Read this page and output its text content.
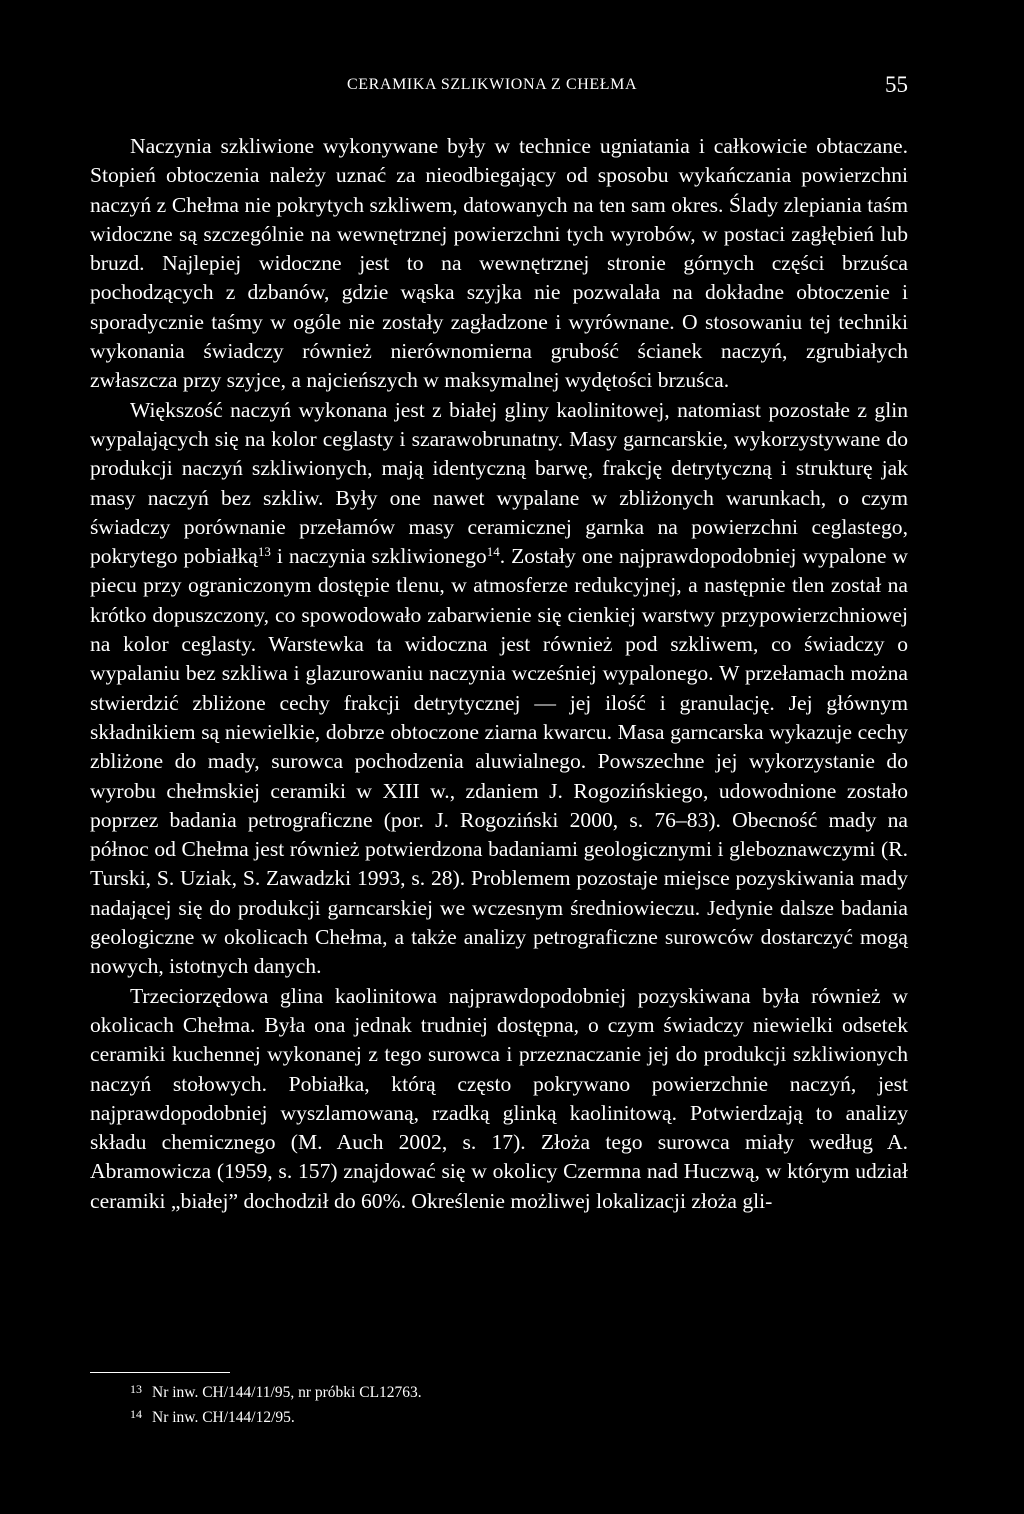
CERAMIKA SZLIKWIONA Z CHEŁMA	55

Naczynia szkliwione wykonywane były w technice ugniatania i całkowicie obtaczane. Stopień obtoczenia należy uznać za nieodbiegający od sposobu wykańczania powierzchni naczyń z Chełma nie pokrytych szkliwem, datowanych na ten sam okres. Ślady zlepiania taśm widoczne są szczególnie na wewnętrznej powierzchni tych wyrobów, w postaci zagłębień lub bruzd. Najlepiej widoczne jest to na wewnętrznej stronie górnych części brzuśca pochodzących z dzbanów, gdzie wąska szyjka nie pozwalała na dokładne obtoczenie i sporadycznie taśmy w ogóle nie zostały zagładzone i wyrównane. O stosowaniu tej techniki wykonania świadczy również nierównomierna grubość ścianek naczyń, zgrubiałych zwłaszcza przy szyjce, a najcieńszych w maksymalnej wydętości brzuśca.

Większość naczyń wykonana jest z białej gliny kaolinitowej, natomiast pozostałe z glin wypalających się na kolor ceglasty i szarawobrunatny. Masy garncarskie, wykorzystywane do produkcji naczyń szkliwionych, mają identyczną barwę, frakcję detrytyczną i strukturę jak masy naczyń bez szkliw. Były one nawet wypalane w zbliżonych warunkach, o czym świadczy porównanie przełamów masy ceramicznej garnka na powierzchni ceglastego, pokrytego pobiałką$^{13}$ i naczynia szkliwionego$^{14}$. Zostały one najprawdopodobniej wypalone w piecu przy ograniczonym dostępie tlenu, w atmosferze redukcyjnej, a następnie tlen został na krótko dopuszczony, co spowodowało zabarwienie się cienkiej warstwy przypowierzchniowej na kolor ceglasty. Warstewka ta widoczna jest również pod szkliwem, co świadczy o wypalaniu bez szkliwa i glazurowaniu naczynia wcześniej wypalonego. W przełamach można stwierdzić zbliżone cechy frakcji detrytycznej — jej ilość i granulację. Jej głównym składnikiem są niewielkie, dobrze obtoczone ziarna kwarcu. Masa garncarska wykazuje cechy zbliżone do mady, surowca pochodzenia aluwialnego. Powszechne jej wykorzystanie do wyrobu chełmskiej ceramiki w XIII w., zdaniem J. Rogozińskiego, udowodnione zostało poprzez badania petrograficzne (por. J. Rogoziński 2000, s. 76–83). Obecność mady na północ od Chełma jest również potwierdzona badaniami geologicznymi i gleboznawczymi (R. Turski, S. Uziak, S. Zawadzki 1993, s. 28). Problemem pozostaje miejsce pozyskiwania mady nadającej się do produkcji garncarskiej we wczesnym średniowieczu. Jedynie dalsze badania geologiczne w okolicach Chełma, a także analizy petrograficzne surowców dostarczyć mogą nowych, istotnych danych.

Trzeciorzędowa glina kaolinitowa najprawdopodobniej pozyskiwana była również w okolicach Chełma. Była ona jednak trudniej dostępna, o czym świadczy niewielki odsetek ceramiki kuchennej wykonanej z tego surowca i przeznaczanie jej do produkcji szkliwionych naczyń stołowych. Pobiałka, którą często pokrywano powierzchnie naczyń, jest najprawdopodobniej wyszlamowaną, rzadką glinką kaolinitową. Potwierdzają to analizy składu chemicznego (M. Auch 2002, s. 17). Złoża tego surowca miały według A. Abramowicza (1959, s. 157) znajdować się w okolicy Czermna nad Huczwą, w którym udział ceramiki „białej” dochodził do 60%. Określenie możliwej lokalizacji złoża gli-

$^{13}$ Nr inw. CH/144/11/95, nr próbki CL12763.
$^{14}$ Nr inw. CH/144/12/95.
